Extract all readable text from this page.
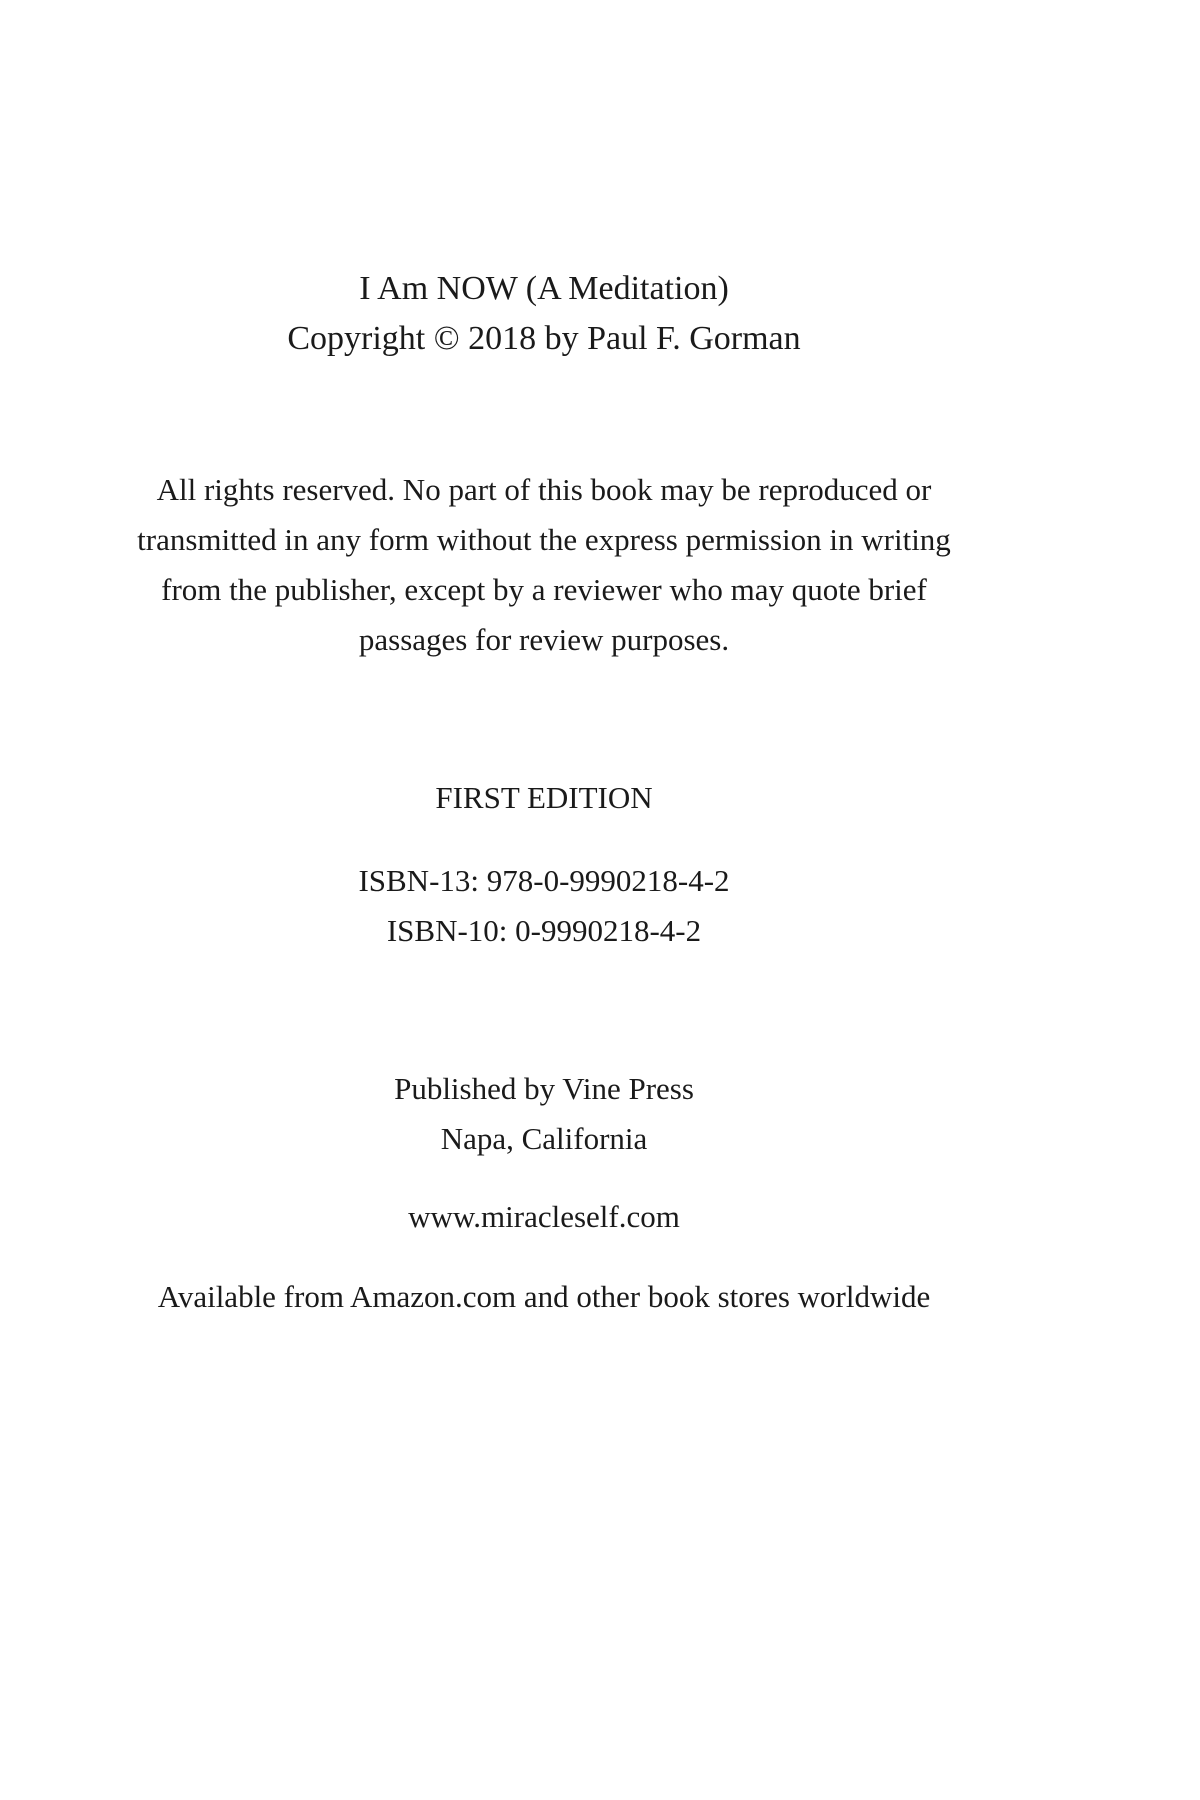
I Am NOW (A Meditation)
Copyright © 2018 by Paul F. Gorman
All rights reserved. No part of this book may be reproduced or
transmitted in any form without the express permission in writing
from the publisher, except by a reviewer who may quote brief
passages for review purposes.
FIRST EDITION
ISBN-13: 978-0-9990218-4-2
ISBN-10: 0-9990218-4-2
Published by Vine Press
Napa, California
www.miracleself.com
Available from Amazon.com and other book stores worldwide
